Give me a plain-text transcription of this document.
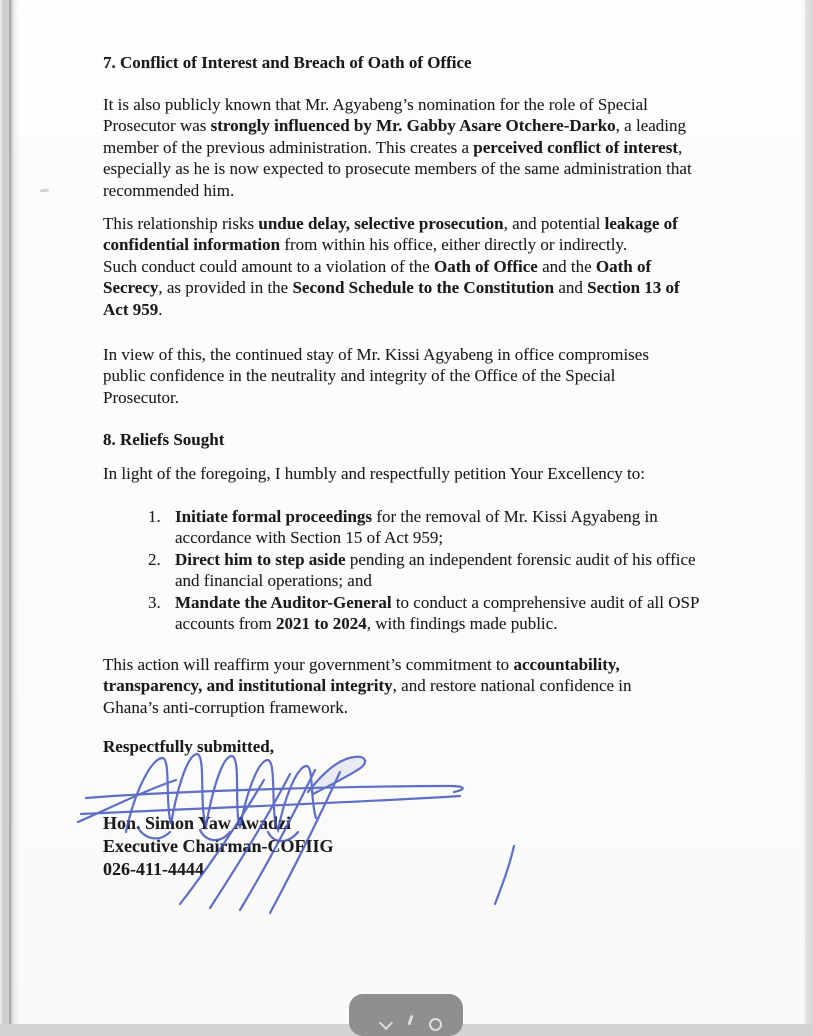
7. Conflict of Interest and Breach of Oath of Office
It is also publicly known that Mr. Agyabeng’s nomination for the role of Special
Prosecutor was strongly influenced by Mr. Gabby Asare Otchere-Darko, a leading
member of the previous administration. This creates a perceived conflict of interest,
especially as he is now expected to prosecute members of the same administration that
recommended him.
This relationship risks undue delay, selective prosecution, and potential leakage of
confidential information from within his office, either directly or indirectly.
Such conduct could amount to a violation of the Oath of Office and the Oath of
Secrecy, as provided in the Second Schedule to the Constitution and Section 13 of
Act 959.
In view of this, the continued stay of Mr. Kissi Agyabeng in office compromises
public confidence in the neutrality and integrity of the Office of the Special
Prosecutor.
8. Reliefs Sought
In light of the foregoing, I humbly and respectfully petition Your Excellency to:
1. Initiate formal proceedings for the removal of Mr. Kissi Agyabeng in
accordance with Section 15 of Act 959;
2. Direct him to step aside pending an independent forensic audit of his office
and financial operations; and
3. Mandate the Auditor-General to conduct a comprehensive audit of all OSP
accounts from 2021 to 2024, with findings made public.
This action will reaffirm your government’s commitment to accountability,
transparency, and institutional integrity, and restore national confidence in
Ghana’s anti-corruption framework.
Respectfully submitted,
Hon. Simon Yaw Awadzi
Executive Chairman-COFIIG
026-411-4444
